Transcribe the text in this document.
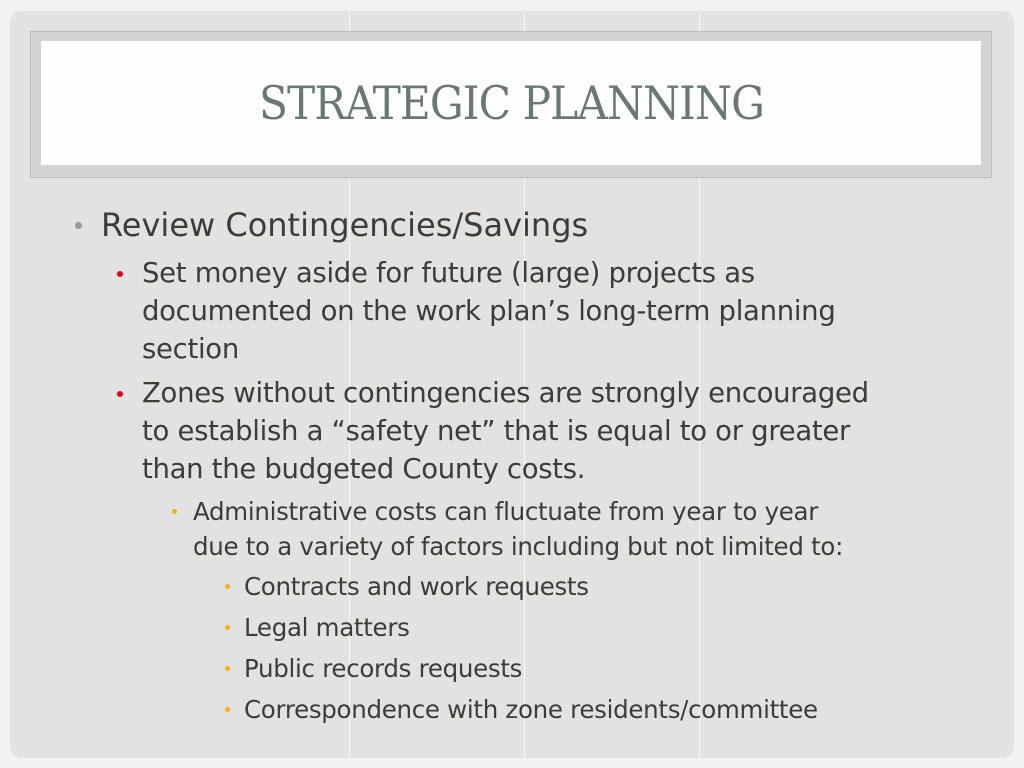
STRATEGIC PLANNING
Review Contingencies/Savings
Set money aside for future (large) projects as
documented on the work plan’s long-term planning
section
Zones without contingencies are strongly encouraged
to establish a “safety net” that is equal to or greater
than the budgeted County costs.
Administrative costs can fluctuate from year to year
due to a variety of factors including but not limited to:
Contracts and work requests
Legal matters
Public records requests
Correspondence with zone residents/committee
